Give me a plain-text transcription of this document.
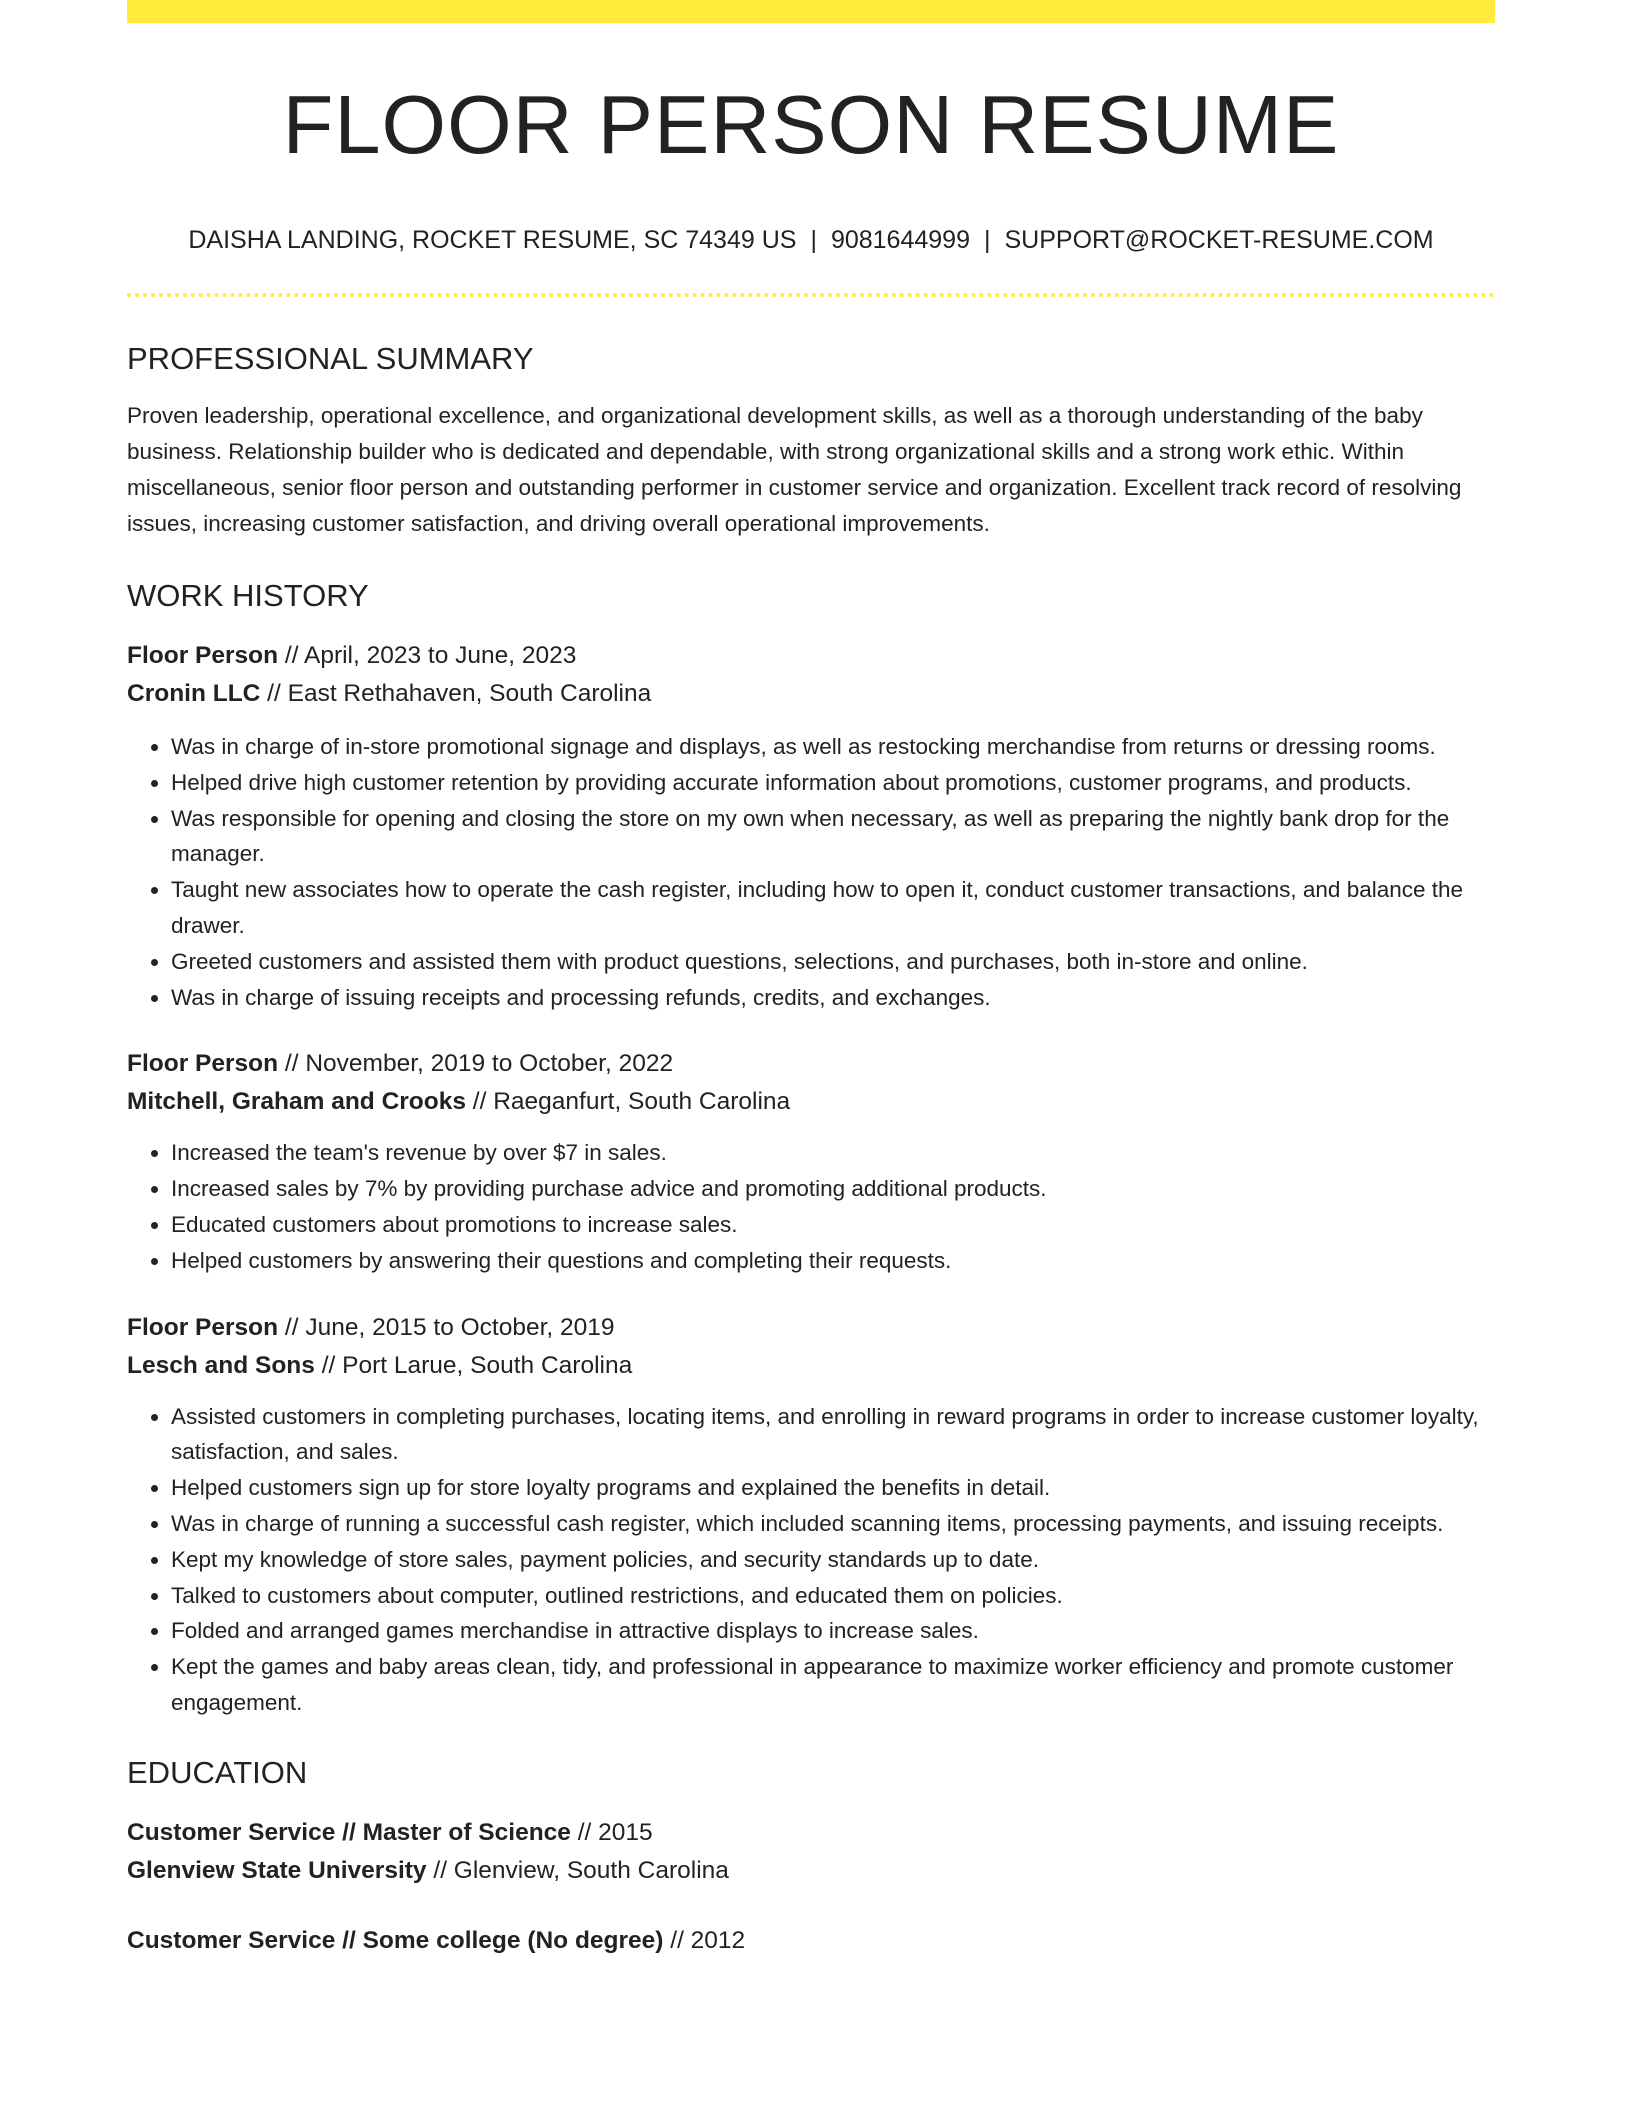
FLOOR PERSON RESUME
DAISHA LANDING, ROCKET RESUME, SC 74349 US | 9081644999 | SUPPORT@ROCKET-RESUME.COM
PROFESSIONAL SUMMARY

Proven leadership, operational excellence, and organizational development skills, as well as a thorough understanding of the baby business. Relationship builder who is dedicated and dependable, with strong organizational skills and a strong work ethic. Within miscellaneous, senior floor person and outstanding performer in customer service and organization. Excellent track record of resolving issues, increasing customer satisfaction, and driving overall operational improvements.

WORK HISTORY

Floor Person // April, 2023 to June, 2023

Cronin LLC // East Rethahaven, South Carolina

• Was in charge of in-store promotional signage and displays, as well as restocking merchandise from returns or dressing rooms.
• Helped drive high customer retention by providing accurate information about promotions, customer programs, and products.
• Was responsible for opening and closing the store on my own when necessary, as well as preparing the nightly bank drop for the manager.
• Taught new associates how to operate the cash register, including how to open it, conduct customer transactions, and balance the drawer.
• Greeted customers and assisted them with product questions, selections, and purchases, both in-store and online.
• Was in charge of issuing receipts and processing refunds, credits, and exchanges.

Floor Person // November, 2019 to October, 2022

Mitchell, Graham and Crooks // Raeganfurt, South Carolina

• Increased the team's revenue by over $7 in sales.
• Increased sales by 7% by providing purchase advice and promoting additional products.
• Educated customers about promotions to increase sales.
• Helped customers by answering their questions and completing their requests.

Floor Person // June, 2015 to October, 2019

Lesch and Sons // Port Larue, South Carolina

• Assisted customers in completing purchases, locating items, and enrolling in reward programs in order to increase customer loyalty, satisfaction, and sales.
• Helped customers sign up for store loyalty programs and explained the benefits in detail.
• Was in charge of running a successful cash register, which included scanning items, processing payments, and issuing receipts.
• Kept my knowledge of store sales, payment policies, and security standards up to date.
• Talked to customers about computer, outlined restrictions, and educated them on policies.
• Folded and arranged games merchandise in attractive displays to increase sales.
• Kept the games and baby areas clean, tidy, and professional in appearance to maximize worker efficiency and promote customer engagement.
EDUCATION

Customer Service // Master of Science // 2015

Glenview State University // Glenview, South Carolina

Customer Service // Some college (No degree) // 2012
